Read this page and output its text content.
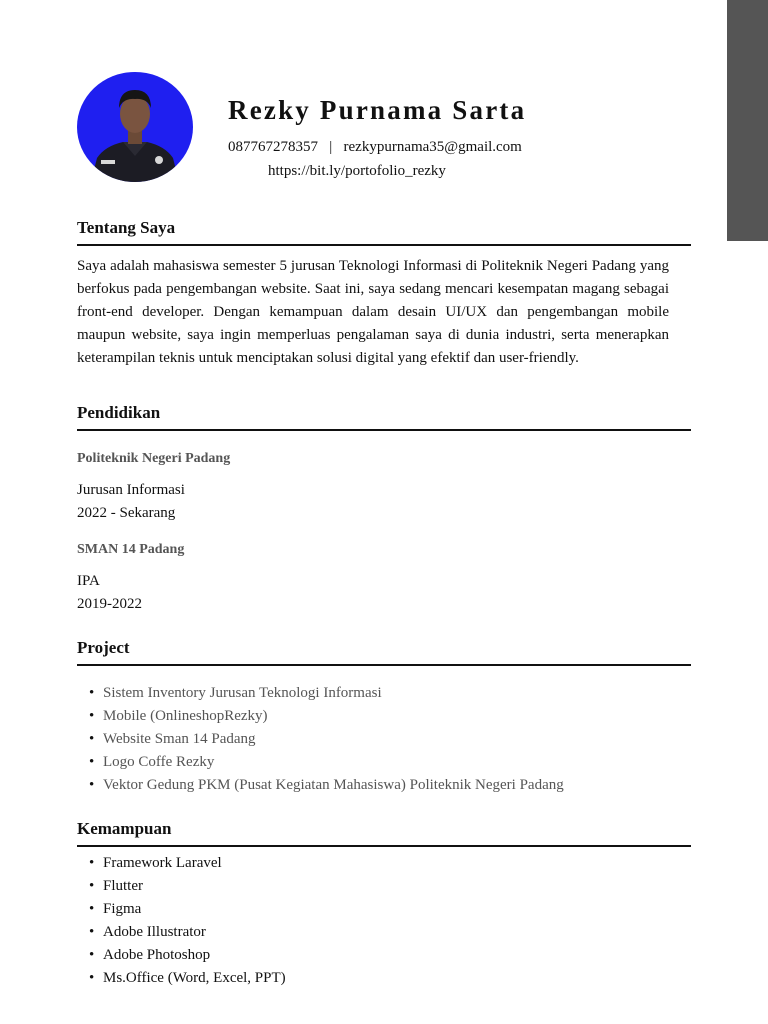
Rezky Purnama Sarta
087767278357 | rezkypurnama35@gmail.com
https://bit.ly/portofolio_rezky
Tentang Saya

Saya adalah mahasiswa semester 5 jurusan Teknologi Informasi di Politeknik Negeri Padang yang berfokus pada pengembangan website. Saat ini, saya sedang mencari kesempatan magang sebagai front-end developer. Dengan kemampuan dalam desain UI/UX dan pengembangan mobile maupun website, saya ingin memperluas pengalaman saya di dunia industri, serta menerapkan keterampilan teknis untuk menciptakan solusi digital yang efektif dan user-friendly.

Pendidikan
Politeknik Negeri Padang
Jurusan Informasi
2022 - Sekarang
SMAN 14 Padang
IPA
2019-2022
Project
• Sistem Inventory Jurusan Teknologi Informasi
• Mobile (OnlineshopRezky)
• Website Sman 14 Padang
• Logo Coffe Rezky
• Vektor Gedung PKM (Pusat Kegiatan Mahasiswa) Politeknik Negeri Padang
Kemampuan
• Framework Laravel
• Flutter
• Figma
• Adobe Illustrator
• Adobe Photoshop
• Ms.Office (Word, Excel, PPT)
